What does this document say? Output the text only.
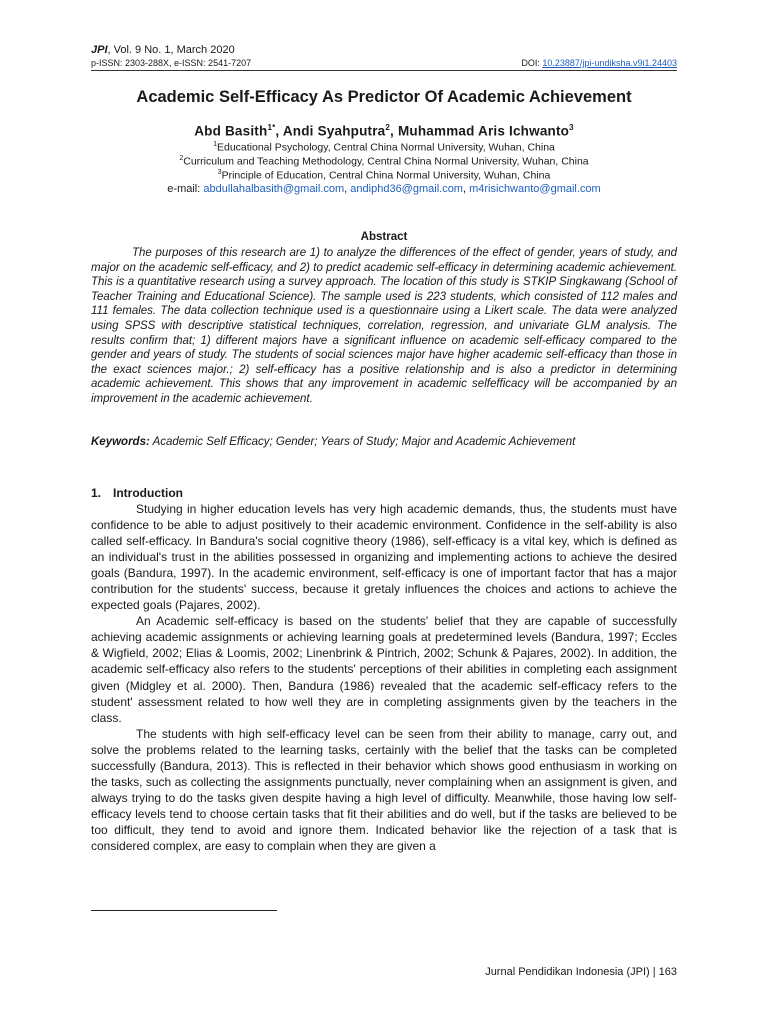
JPI, Vol. 9 No. 1, March 2020
p-ISSN: 2303-288X, e-ISSN: 2541-7207	DOI: 10.23887/jpi-undiksha.v9i1.24403
Academic Self-Efficacy As Predictor Of Academic Achievement
Abd Basith$^{1*}$, Andi Syahputra$^2$, Muhammad Aris Ichwanto$^3$
$^1$Educational Psychology, Central China Normal University, Wuhan, China
$^2$Curriculum and Teaching Methodology, Central China Normal University, Wuhan, China
$^3$Principle of Education, Central China Normal University, Wuhan, China
e-mail: abdullahalbasith@gmail.com, andiphd36@gmail.com, m4risichwanto@gmail.com
Abstract

The purposes of this research are 1) to analyze the differences of the effect of gender, years of study, and major on the academic self-efficacy, and 2) to predict academic self-efficacy in determining academic achievement. This is a quantitative research using a survey approach. The location of this study is STKIP Singkawang (School of Teacher Training and Educational Science). The sample used is 223 students, which consisted of 112 males and 111 females. The data collection technique used is a questionnaire using a Likert scale. The data were analyzed using SPSS with descriptive statistical techniques, correlation, regression, and univariate GLM analysis. The results confirm that; 1) different majors have a significant influence on academic self-efficacy compared to the gender and years of study. The students of social sciences major have higher academic self-efficacy than those in the exact sciences major.; 2) self-efficacy has a positive relationship and is also a predictor in determining academic achievement. This shows that any improvement in academic selfefficacy will be accompanied by an improvement in the academic achievement.

Keywords: Academic Self Efficacy; Gender; Years of Study; Major and Academic Achievement
1. Introduction

Studying in higher education levels has very high academic demands, thus, the students must have confidence to be able to adjust positively to their academic environment. Confidence in the self-ability is also called self-efficacy. In Bandura's social cognitive theory (1986), self-efficacy is a vital key, which is defined as an individual's trust in the abilities possessed in organizing and implementing actions to achieve the desired goals (Bandura, 1997). In the academic environment, self-efficacy is one of important factor that has a major contribution for the students' success, because it gretaly influences the choices and actions to achieve the expected goals (Pajares, 2002).

An Academic self-efficacy is based on the students' belief that they are capable of successfully achieving academic assignments or achieving learning goals at predetermined levels (Bandura, 1997; Eccles & Wigfield, 2002; Elias & Loomis, 2002; Linenbrink & Pintrich, 2002; Schunk & Pajares, 2002). In addition, the academic self-efficacy also refers to the students' perceptions of their abilities in completing each assignment given (Midgley et al. 2000). Then, Bandura (1986) revealed that the academic self-efficacy refers to the student' assessment related to how well they are in completing assignments given by the teachers in the class.

The students with high self-efficacy level can be seen from their ability to manage, carry out, and solve the problems related to the learning tasks, certainly with the belief that the tasks can be completed successfully (Bandura, 2013). This is reflected in their behavior which shows good enthusiasm in working on the tasks, such as collecting the assignments punctually, never complaining when an assignment is given, and always trying to do the tasks given despite having a high level of difficulty. Meanwhile, those having low self-efficacy levels tend to choose certain tasks that fit their abilities and do well, but if the tasks are believed to be too difficult, they tend to avoid and ignore them. Indicated behavior like the rejection of a task that is considered complex, are easy to complain when they are given a

Jurnal Pendidikan Indonesia (JPI) | 163
